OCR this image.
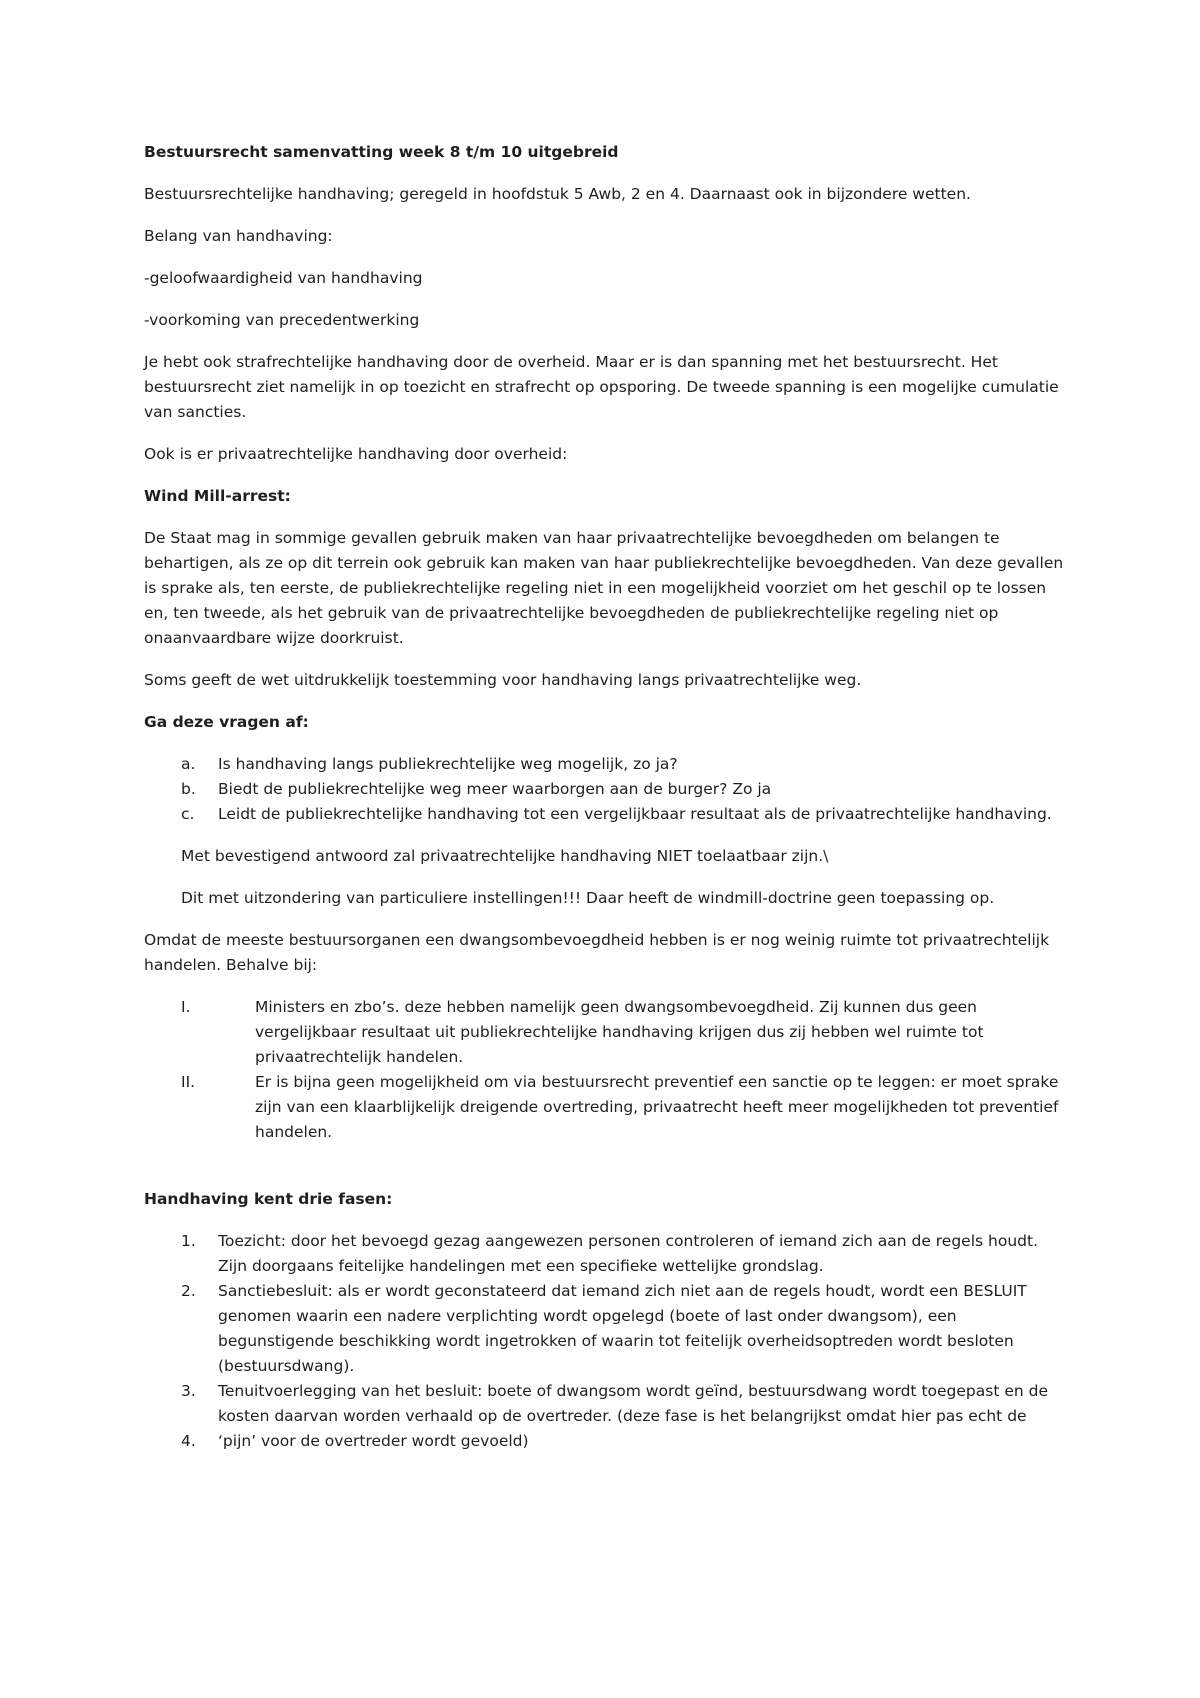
Bestuursrecht samenvatting week 8 t/m 10 uitgebreid

Bestuursrechtelijke handhaving; geregeld in hoofdstuk 5 Awb, 2 en 4. Daarnaast ook in bijzondere wetten.

Belang van handhaving:

-geloofwaardigheid van handhaving

-voorkoming van precedentwerking

Je hebt ook strafrechtelijke handhaving door de overheid. Maar er is dan spanning met het bestuursrecht. Het bestuursrecht ziet namelijk in op toezicht en strafrecht op opsporing. De tweede spanning is een mogelijke cumulatie van sancties.

Ook is er privaatrechtelijke handhaving door overheid:

Wind Mill-arrest:

De Staat mag in sommige gevallen gebruik maken van haar privaatrechtelijke bevoegdheden om belangen te behartigen, als ze op dit terrein ook gebruik kan maken van haar publiekrechtelijke bevoegdheden. Van deze gevallen is sprake als, ten eerste, de publiekrechtelijke regeling niet in een mogelijkheid voorziet om het geschil op te lossen en, ten tweede, als het gebruik van de privaatrechtelijke bevoegdheden de publiekrechtelijke regeling niet op onaanvaardbare wijze doorkruist.

Soms geeft de wet uitdrukkelijk toestemming voor handhaving langs privaatrechtelijke weg.

Ga deze vragen af:

a.	Is handhaving langs publiekrechtelijke weg mogelijk, zo ja?
b.	Biedt de publiekrechtelijke weg meer waarborgen aan de burger? Zo ja
c.	Leidt de publiekrechtelijke handhaving tot een vergelijkbaar resultaat als de privaatrechtelijke handhaving.

Met bevestigend antwoord zal privaatrechtelijke handhaving NIET toelaatbaar zijn.\

Dit met uitzondering van particuliere instellingen!!! Daar heeft de windmill-doctrine geen toepassing op.

Omdat de meeste bestuursorganen een dwangsombevoegdheid hebben is er nog weinig ruimte tot privaatrechtelijk handelen. Behalve bij:

I.	Ministers en zbo’s. deze hebben namelijk geen dwangsombevoegdheid. Zij kunnen dus geen vergelijkbaar resultaat uit publiekrechtelijke handhaving krijgen dus zij hebben wel ruimte tot privaatrechtelijk handelen.
II.	Er is bijna geen mogelijkheid om via bestuursrecht preventief een sanctie op te leggen: er moet sprake zijn van een klaarblijkelijk dreigende overtreding, privaatrecht heeft meer mogelijkheden tot preventief handelen.

Handhaving kent drie fasen:

1.	Toezicht: door het bevoegd gezag aangewezen personen controleren of iemand zich aan de regels houdt. Zijn doorgaans feitelijke handelingen met een specifieke wettelijke grondslag.
2.	Sanctiebesluit: als er wordt geconstateerd dat iemand zich niet aan de regels houdt, wordt een BESLUIT genomen waarin een nadere verplichting wordt opgelegd (boete of last onder dwangsom), een begunstigende beschikking wordt ingetrokken of waarin tot feitelijk overheidsoptreden wordt besloten (bestuursdwang).
3.	Tenuitvoerlegging van het besluit: boete of dwangsom wordt geïnd, bestuursdwang wordt toegepast en de kosten daarvan worden verhaald op de overtreder. (deze fase is het belangrijkst omdat hier pas echt de
4.	‘pijn’ voor de overtreder wordt gevoeld)
